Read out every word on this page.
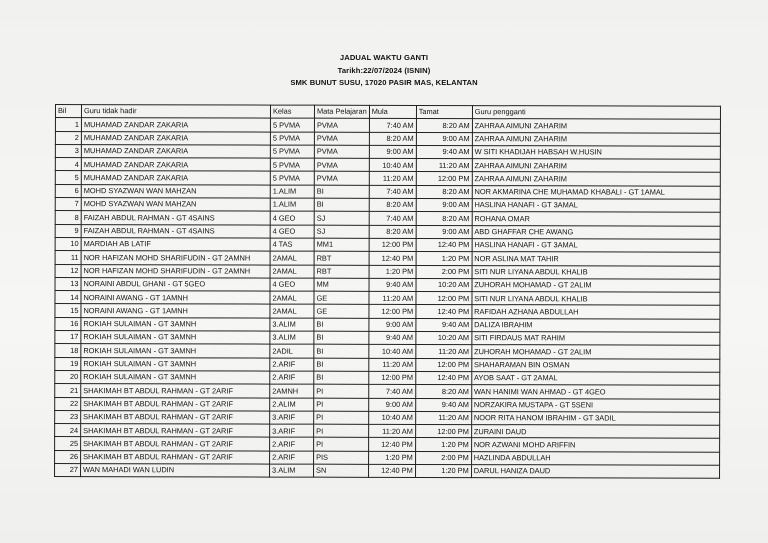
JADUAL WAKTU GANTI
Tarikh:22/07/2024 (ISNIN)
SMK BUNUT SUSU, 17020 PASIR MAS, KELANTAN
Bil	Guru tidak hadir	Kelas	Mata Pelajaran	Mula	Tamat	Guru pengganti
1	MUHAMAD ZANDAR ZAKARIA	5 PVMA	PVMA	7:40 AM	8:20 AM	ZAHRAA AIMUNI ZAHARIM
2	MUHAMAD ZANDAR ZAKARIA	5 PVMA	PVMA	8:20 AM	9:00 AM	ZAHRAA AIMUNI ZAHARIM
3	MUHAMAD ZANDAR ZAKARIA	5 PVMA	PVMA	9:00 AM	9:40 AM	W SITI KHADIJAH HABSAH W.HUSIN
4	MUHAMAD ZANDAR ZAKARIA	5 PVMA	PVMA	10:40 AM	11:20 AM	ZAHRAA AIMUNI ZAHARIM
5	MUHAMAD ZANDAR ZAKARIA	5 PVMA	PVMA	11:20 AM	12:00 PM	ZAHRAA AIMUNI ZAHARIM
6	MOHD SYAZWAN WAN MAHZAN	1.ALIM	BI	7:40 AM	8:20 AM	NOR AKMARINA CHE MUHAMAD KHABALI - GT 1AMAL
7	MOHD SYAZWAN WAN MAHZAN	1.ALIM	BI	8:20 AM	9:00 AM	HASLINA HANAFI - GT 3AMAL
8	FAIZAH ABDUL RAHMAN - GT 4SAINS	4 GEO	SJ	7:40 AM	8:20 AM	ROHANA OMAR
9	FAIZAH ABDUL RAHMAN - GT 4SAINS	4 GEO	SJ	8:20 AM	9:00 AM	ABD GHAFFAR CHE AWANG
10	MARDIAH AB LATIF	4 TAS	MM1	12:00 PM	12:40 PM	HASLINA HANAFI - GT 3AMAL
11	NOR HAFIZAN MOHD SHARIFUDIN - GT 2AMNH	2AMAL	RBT	12:40 PM	1:20 PM	NOR ASLINA MAT TAHIR
12	NOR HAFIZAN MOHD SHARIFUDIN - GT 2AMNH	2AMAL	RBT	1:20 PM	2:00 PM	SITI NUR LIYANA ABDUL KHALIB
13	NORAINI ABDUL GHANI - GT 5GEO	4 GEO	MM	9:40 AM	10:20 AM	ZUHORAH MOHAMAD - GT 2ALIM
14	NORAINI AWANG - GT 1AMNH	2AMAL	GE	11:20 AM	12:00 PM	SITI NUR LIYANA ABDUL KHALIB
15	NORAINI AWANG - GT 1AMNH	2AMAL	GE	12:00 PM	12:40 PM	RAFIDAH AZHANA ABDULLAH
16	ROKIAH SULAIMAN - GT 3AMNH	3.ALIM	BI	9:00 AM	9:40 AM	DALIZA IBRAHIM
17	ROKIAH SULAIMAN - GT 3AMNH	3.ALIM	BI	9:40 AM	10:20 AM	SITI FIRDAUS MAT RAHIM
18	ROKIAH SULAIMAN - GT 3AMNH	2ADIL	BI	10:40 AM	11:20 AM	ZUHORAH MOHAMAD - GT 2ALIM
19	ROKIAH SULAIMAN - GT 3AMNH	2.ARIF	BI	11:20 AM	12:00 PM	SHAHARAMAN BIN OSMAN
20	ROKIAH SULAIMAN - GT 3AMNH	2.ARIF	BI	12:00 PM	12:40 PM	AYOB SAAT - GT 2AMAL
21	SHAKIMAH BT ABDUL RAHMAN - GT 2ARIF	2AMNH	PI	7:40 AM	8:20 AM	WAN HANIMI WAN AHMAD - GT 4GEO
22	SHAKIMAH BT ABDUL RAHMAN - GT 2ARIF	2.ALIM	PI	9:00 AM	9:40 AM	NORZAKIRA MUSTAPA - GT 5SENI
23	SHAKIMAH BT ABDUL RAHMAN - GT 2ARIF	3.ARIF	PI	10:40 AM	11:20 AM	NOOR RITA HANOM IBRAHIM - GT 3ADIL
24	SHAKIMAH BT ABDUL RAHMAN - GT 2ARIF	3.ARIF	PI	11:20 AM	12:00 PM	ZURAINI DAUD
25	SHAKIMAH BT ABDUL RAHMAN - GT 2ARIF	2.ARIF	PI	12:40 PM	1:20 PM	NOR AZWANI MOHD ARIFFIN
26	SHAKIMAH BT ABDUL RAHMAN - GT 2ARIF	2.ARIF	PIS	1:20 PM	2:00 PM	HAZLINDA ABDULLAH
27	WAN MAHADI WAN LUDIN	3.ALIM	SN	12:40 PM	1:20 PM	DARUL HANIZA DAUD
